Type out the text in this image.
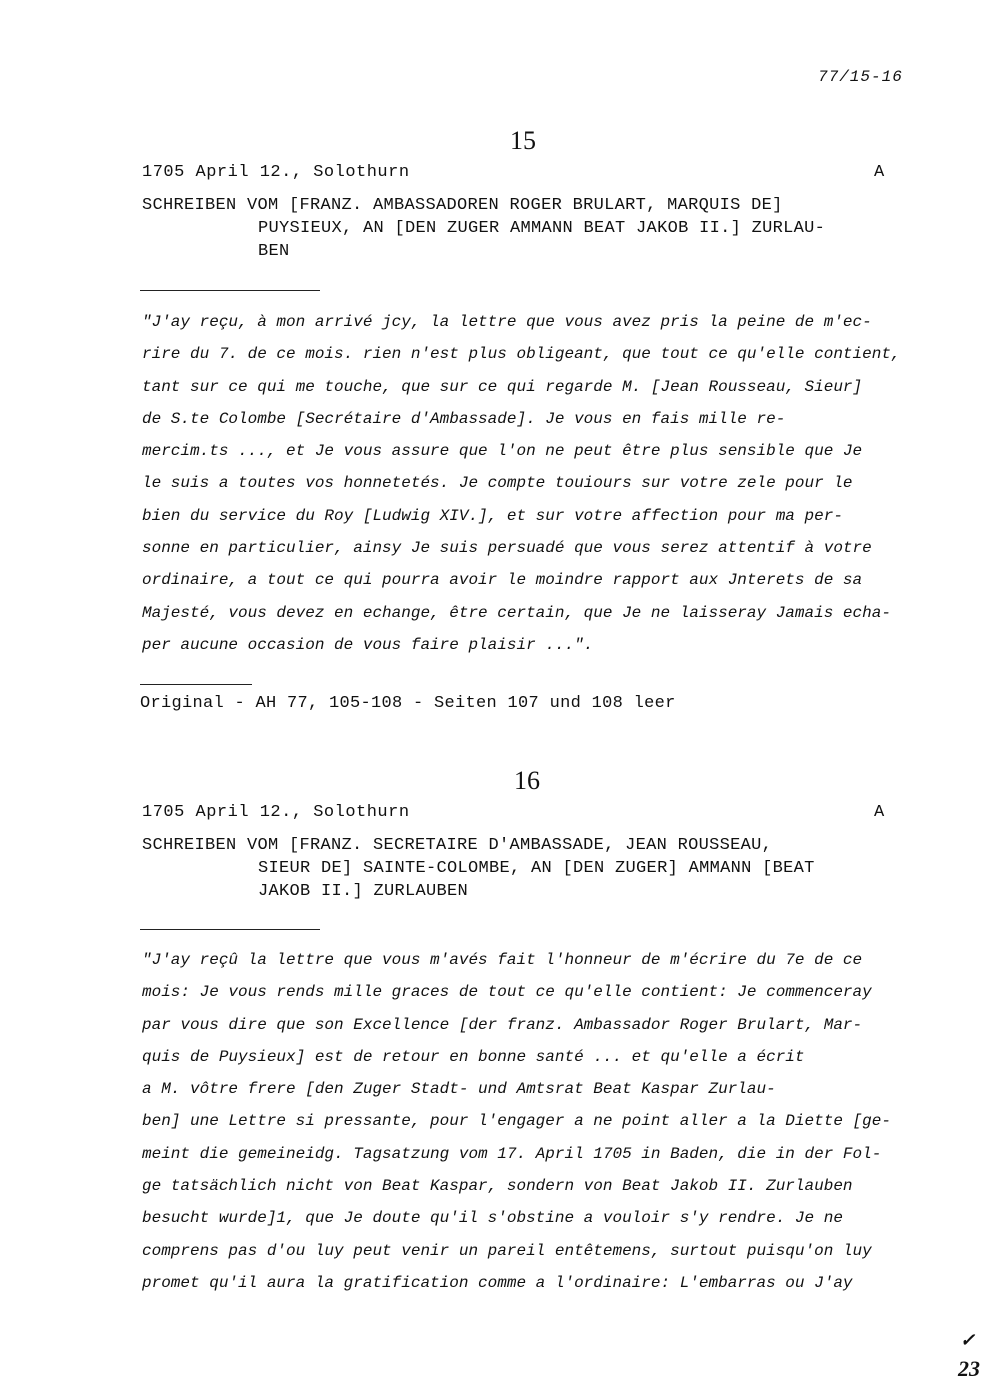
77/15-16
15
1705 April 12., Solothurn	A
SCHREIBEN VOM [FRANZ. AMBASSADOREN ROGER BRULART, MARQUIS DE]
PUYSIEUX, AN [DEN ZUGER AMMANN BEAT JAKOB II.] ZURLAU-
BEN

"J'ay reçu, à mon arrivé jcy, la lettre que vous avez pris la peine de m'ec-

rire du 7. de ce mois. rien n'est plus obligeant, que tout ce qu'elle contient,

tant sur ce qui me touche, que sur ce qui regarde M. [Jean Rousseau, Sieur]

de S.te Colombe [Secrétaire d'Ambassade]. Je vous en fais mille re-

mercim.ts ..., et Je vous assure que l'on ne peut être plus sensible que Je

le suis a toutes vos honnetetés. Je compte touiours sur votre zele pour le

bien du service du Roy [Ludwig XIV.], et sur votre affection pour ma per-

sonne en particulier, ainsy Je suis persuadé que vous serez attentif à votre

ordinaire, a tout ce qui pourra avoir le moindre rapport aux Jnterets de sa

Majesté, vous devez en echange, être certain, que Je ne laisseray Jamais echa-

per aucune occasion de vous faire plaisir ...".

Original - AH 77, 105-108 - Seiten 107 und 108 leer
16
1705 April 12., Solothurn	A
SCHREIBEN VOM [FRANZ. SECRETAIRE D'AMBASSADE, JEAN ROUSSEAU,
SIEUR DE] SAINTE-COLOMBE, AN [DEN ZUGER] AMMANN [BEAT
JAKOB II.] ZURLAUBEN

"J'ay reçû la lettre que vous m'avés fait l'honneur de m'écrire du 7e de ce

mois: Je vous rends mille graces de tout ce qu'elle contient: Je commenceray

par vous dire que son Excellence [der franz. Ambassador Roger Brulart, Mar-

quis de Puysieux] est de retour en bonne santé ... et qu'elle a écrit

a M. vôtre frere [den Zuger Stadt- und Amtsrat Beat Kaspar Zurlau-

ben] une Lettre si pressante, pour l'engager a ne point aller a la Diette [ge-

meint die gemeineidg. Tagsatzung vom 17. April 1705 in Baden, die in der Fol-

ge tatsächlich nicht von Beat Kaspar, sondern von Beat Jakob II. Zurlauben

besucht wurde]1, que Je doute qu'il s'obstine a vouloir s'y rendre. Je ne

comprens pas d'ou luy peut venir un pareil entêtemens, surtout puisqu'on luy

promet qu'il aura la gratification comme a l'ordinaire: L'embarras ou J'ay

✓
23
